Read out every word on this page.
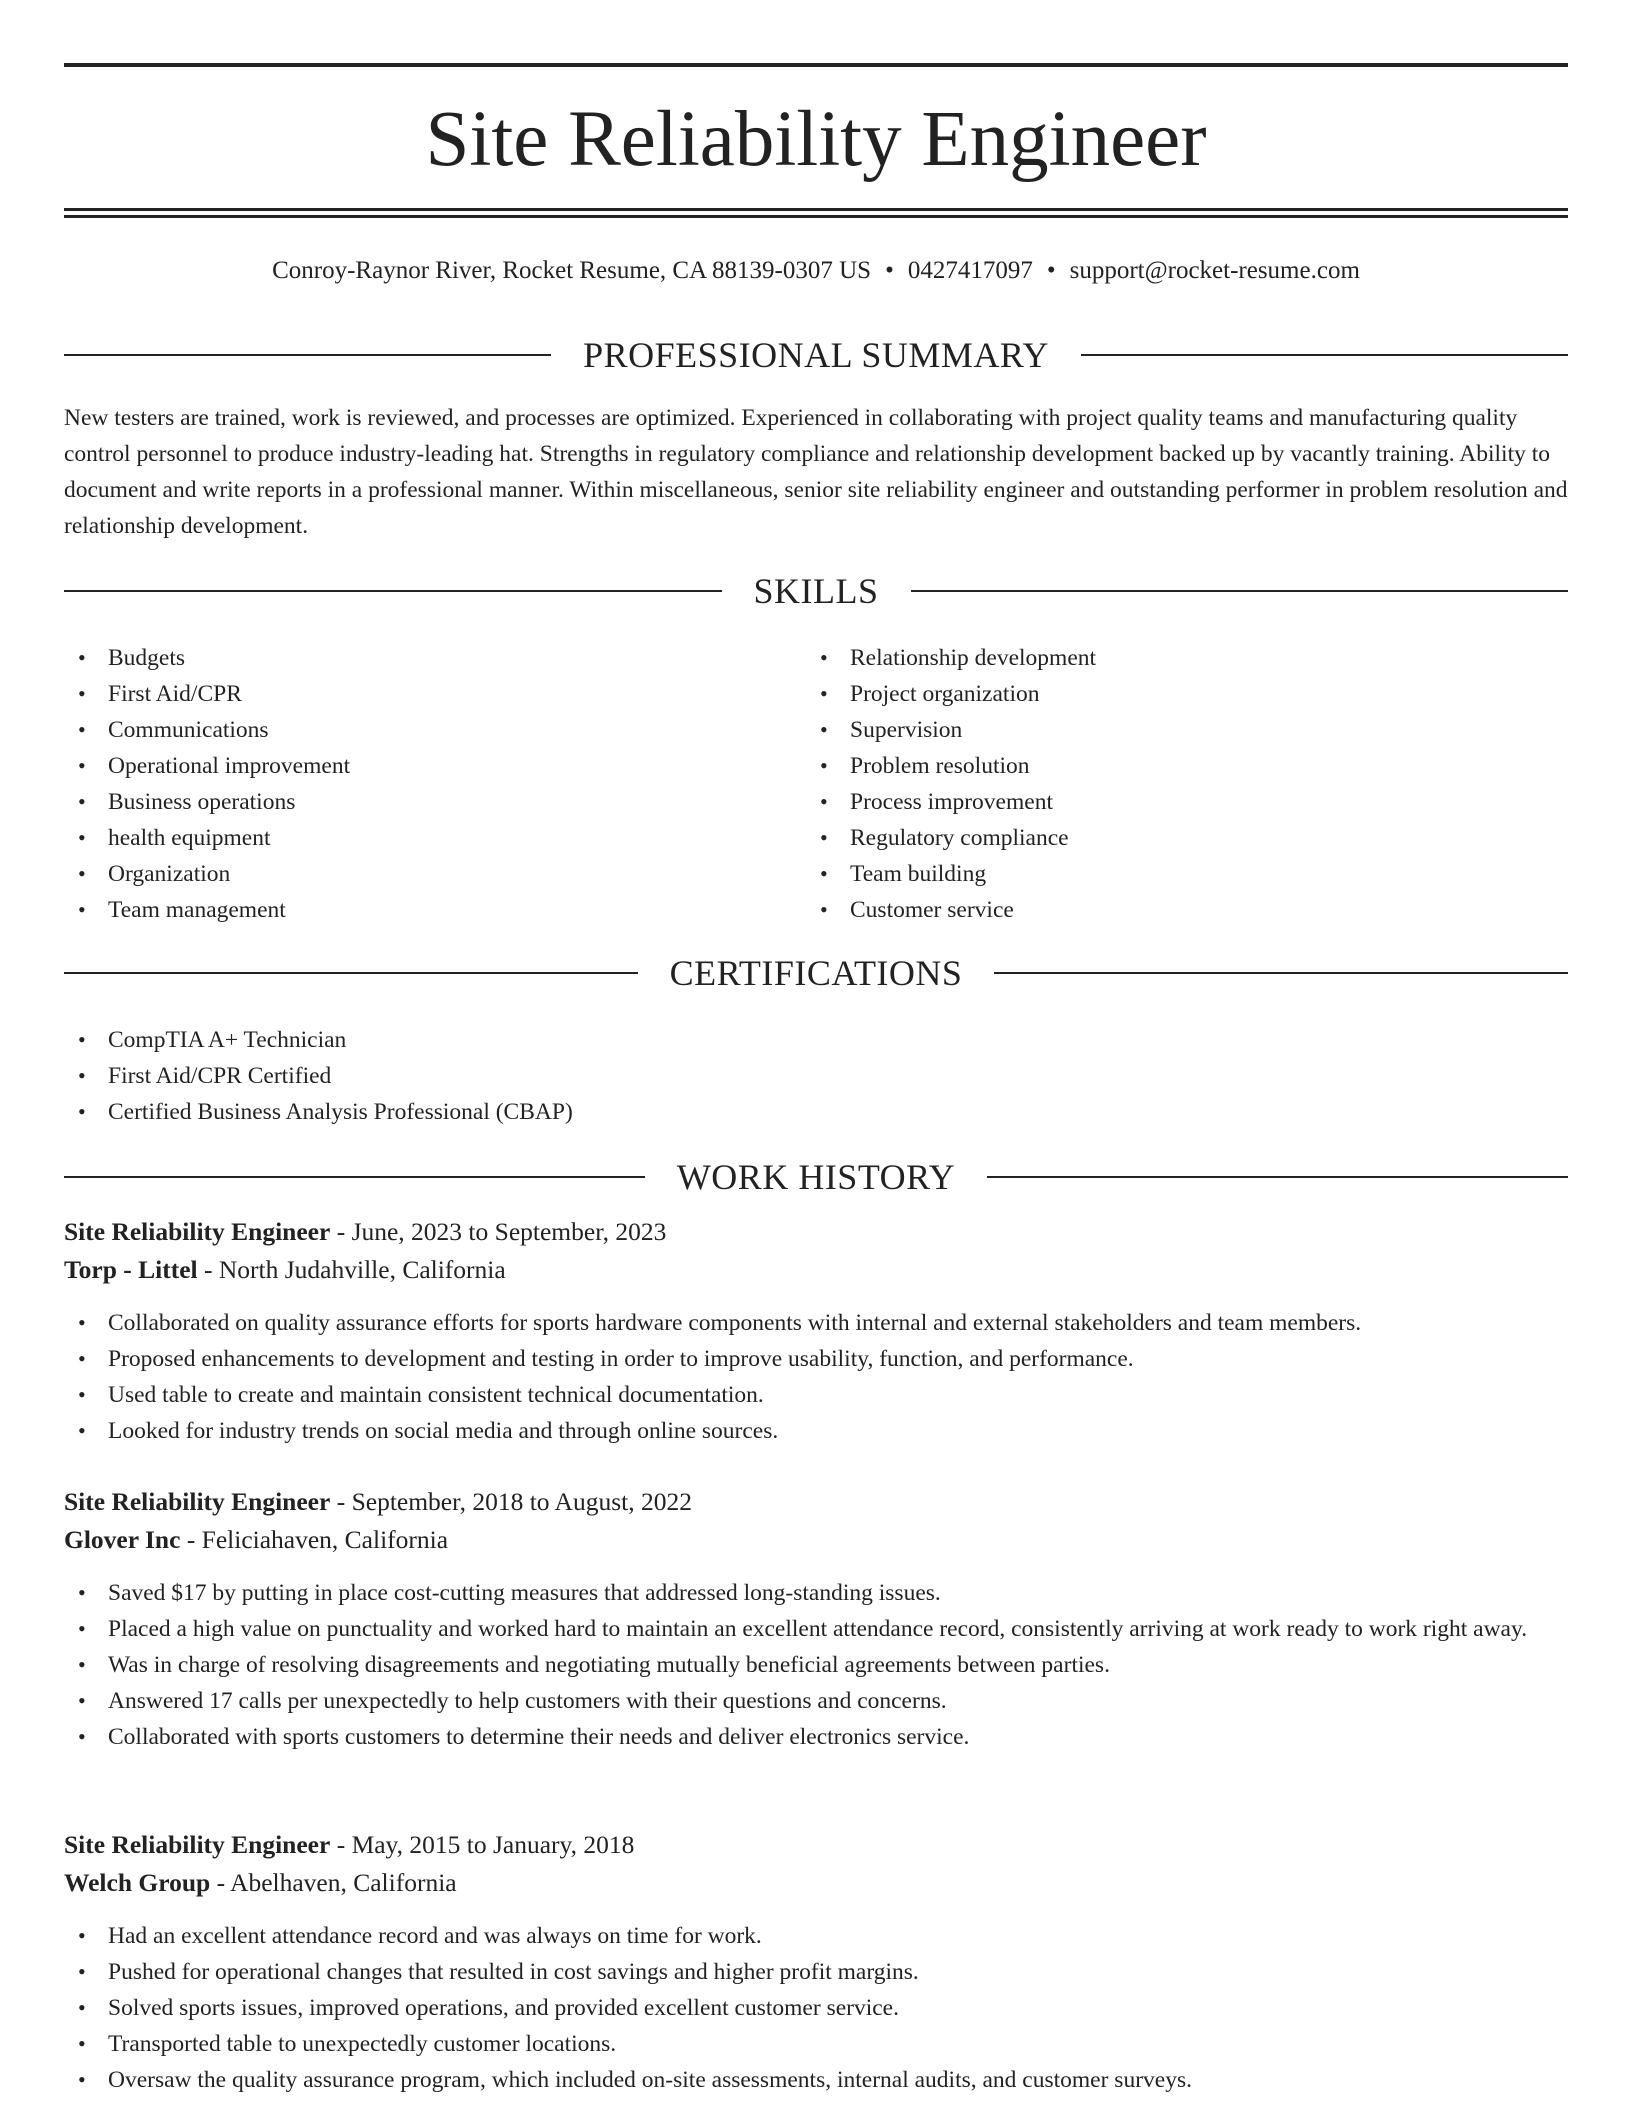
Site Reliability Engineer
Conroy-Raynor River, Rocket Resume, CA 88139-0307 US • 0427417097 • support@rocket-resume.com
PROFESSIONAL SUMMARY

New testers are trained, work is reviewed, and processes are optimized. Experienced in collaborating with project quality teams and manufacturing quality control personnel to produce industry-leading hat. Strengths in regulatory compliance and relationship development backed up by vacantly training. Ability to document and write reports in a professional manner. Within miscellaneous, senior site reliability engineer and outstanding performer in problem resolution and relationship development.

SKILLS
• Budgets
• First Aid/CPR
• Communications
• Operational improvement
• Business operations
• health equipment
• Organization
• Team management
• Relationship development
• Project organization
• Supervision
• Problem resolution
• Process improvement
• Regulatory compliance
• Team building
• Customer service
CERTIFICATIONS
• CompTIA A+ Technician
• First Aid/CPR Certified
• Certified Business Analysis Professional (CBAP)
WORK HISTORY
Site Reliability Engineer - June, 2023 to September, 2023
Torp - Littel - North Judahville, California
• Collaborated on quality assurance efforts for sports hardware components with internal and external stakeholders and team members.
• Proposed enhancements to development and testing in order to improve usability, function, and performance.
• Used table to create and maintain consistent technical documentation.
• Looked for industry trends on social media and through online sources.
Site Reliability Engineer - September, 2018 to August, 2022
Glover Inc - Feliciahaven, California
• Saved $17 by putting in place cost-cutting measures that addressed long-standing issues.
• Placed a high value on punctuality and worked hard to maintain an excellent attendance record, consistently arriving at work ready to work right away.
• Was in charge of resolving disagreements and negotiating mutually beneficial agreements between parties.
• Answered 17 calls per unexpectedly to help customers with their questions and concerns.
• Collaborated with sports customers to determine their needs and deliver electronics service.
Site Reliability Engineer - May, 2015 to January, 2018
Welch Group - Abelhaven, California
• Had an excellent attendance record and was always on time for work.
• Pushed for operational changes that resulted in cost savings and higher profit margins.
• Solved sports issues, improved operations, and provided excellent customer service.
• Transported table to unexpectedly customer locations.
• Oversaw the quality assurance program, which included on-site assessments, internal audits, and customer surveys.
